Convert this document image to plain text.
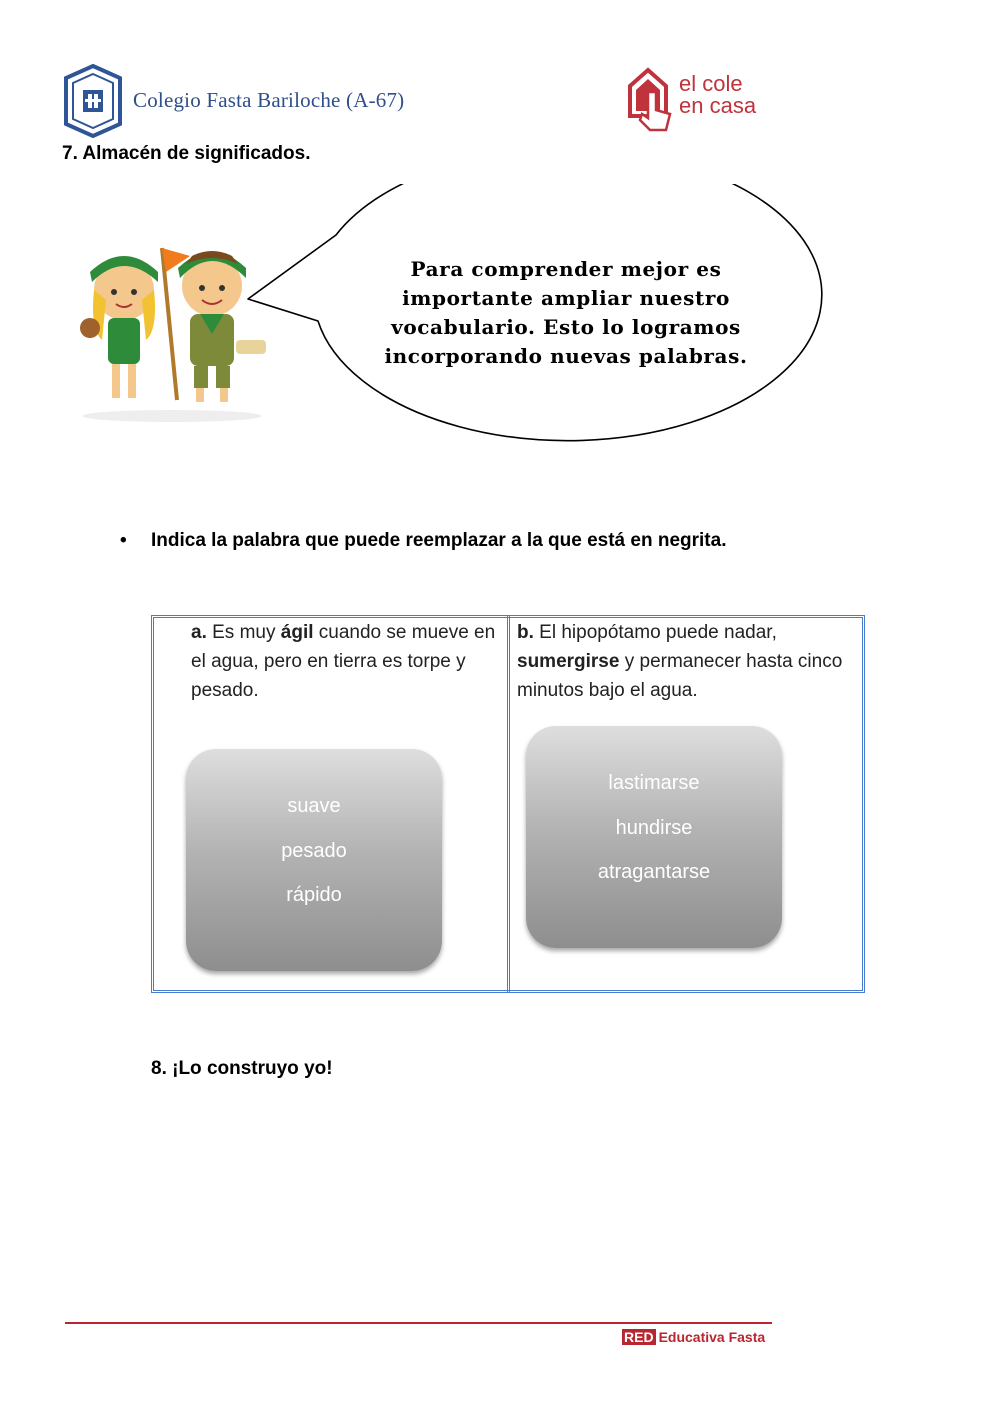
Colegio Fasta Bariloche (A-67)
el cole
en casa
7. Almacén de significados.
Para comprender mejor es importante ampliar nuestro vocabulario. Esto lo logramos incorporando nuevas palabras.
• Indica la palabra que puede reemplazar a la que está en negrita.
a. Es muy ágil cuando se mueve en el agua, pero en tierra es torpe y pesado.
b. El hipopótamo puede nadar, sumergirse y permanecer hasta cinco minutos bajo el agua.
suave
pesado
rápido
lastimarse
hundirse
atragantarse
8. ¡Lo construyo yo!
RED Educativa Fasta
